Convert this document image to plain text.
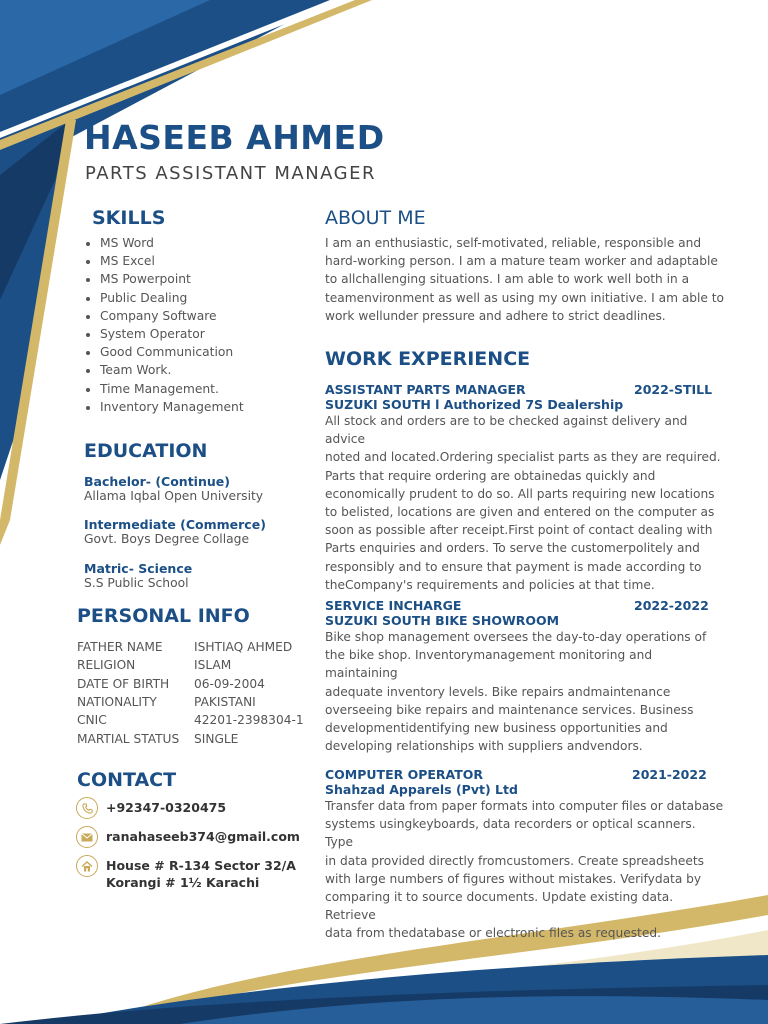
HASEEB AHMED
PARTS ASSISTANT MANAGER
SKILLS
• MS Word
• MS Excel
• MS Powerpoint
• Public Dealing
• Company Software
• System Operator
• Good Communication
• Team Work.
• Time Management.
• Inventory Management
EDUCATION
Bachelor- (Continue)
Allama Iqbal Open University
Intermediate (Commerce)
Govt. Boys Degree Collage
Matric- Science
S.S Public School
PERSONAL INFO
FATHER NAME	ISHTIAQ AHMED
RELIGION	ISLAM
DATE OF BIRTH 06-09-2004
NATIONALITY	PAKISTANI
CNIC	42201-2398304-1
MARTIAL STATUS SINGLE
CONTACT
+92347-0320475
ranahaseeb374@gmail.com
House # R-134 Sector 32/A
Korangi # 1½ Karachi
ABOUT ME
I am an enthusiastic, self-motivated, reliable, responsible and
hard-working person. I am a mature team worker and adaptable
to allchallenging situations. I am able to work well both in a
teamenvironment as well as using my own initiative. I am able to
work wellunder pressure and adhere to strict deadlines.
WORK EXPERIENCE
ASSISTANT PARTS MANAGER
SUZUKI SOUTH l Authorized 7S Dealership
All stock and orders are to be checked against delivery and advice
noted and located.Ordering specialist parts as they are required.
Parts that require ordering are obtainedas quickly and
economically prudent to do so. All parts requiring new locations
to belisted, locations are given and entered on the computer as
soon as possible after receipt.First point of contact dealing with
Parts enquiries and orders. To serve the customerpolitely and
responsibly and to ensure that payment is made according to
theCompany's requirements and policies at that time.
2022-STILL
SERVICE INCHARGE
SUZUKI SOUTH BIKE SHOWROOM
Bike shop management oversees the day-to-day operations of
the bike shop. Inventorymanagement monitoring and maintaining
adequate inventory levels. Bike repairs andmaintenance
overseeing bike repairs and maintenance services. Business
developmentidentifying new business opportunities and
developing relationships with suppliers andvendors.
2022-2022
COMPUTER OPERATOR
Shahzad Apparels (Pvt) Ltd
Transfer data from paper formats into computer files or database
systems usingkeyboards, data recorders or optical scanners. Type
in data provided directly fromcustomers. Create spreadsheets
with large numbers of figures without mistakes. Verifydata by
comparing it to source documents. Update existing data. Retrieve
data from thedatabase or electronic files as requested.
2021-2022
